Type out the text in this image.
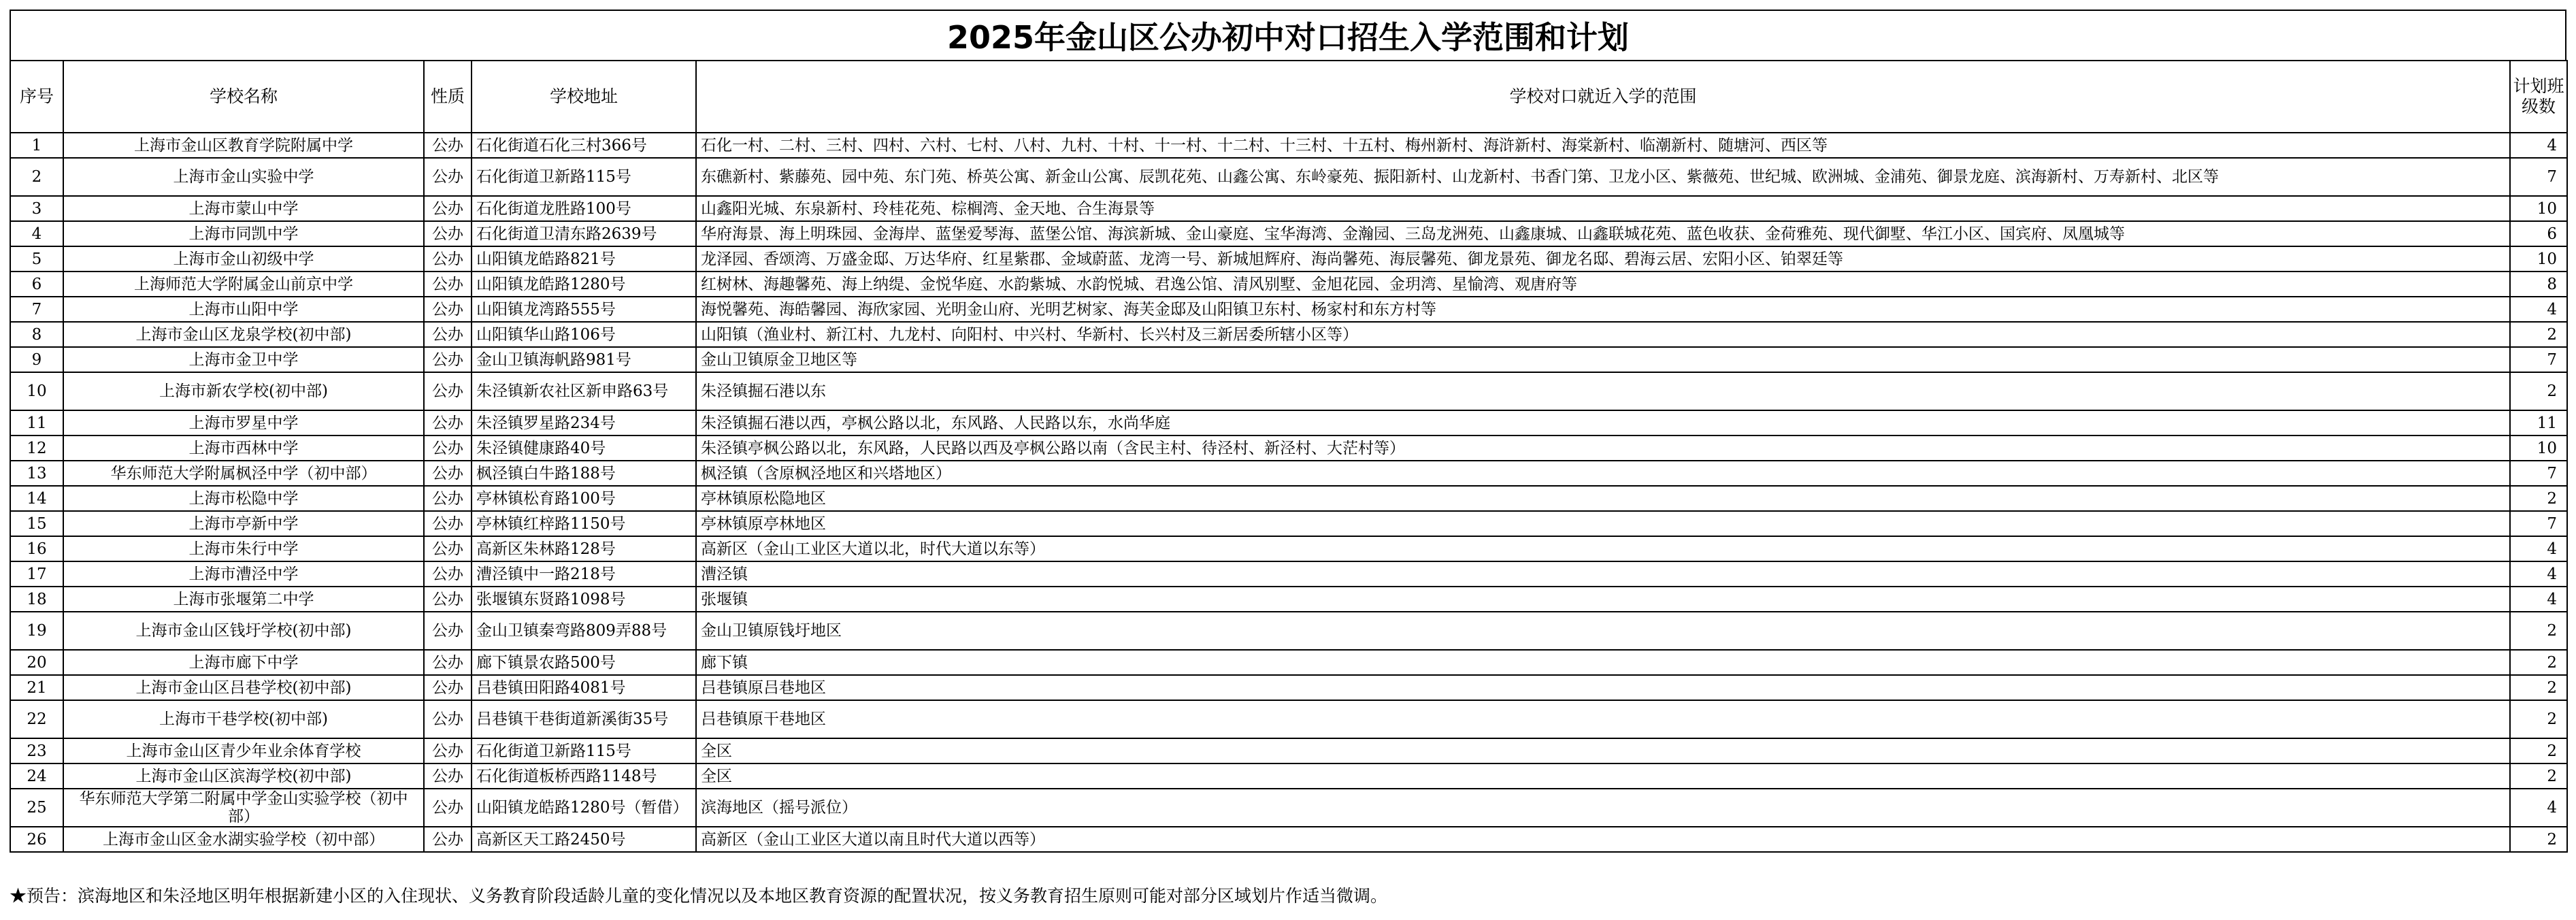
2025年金山区公办初中对口招生入学范围和计划
序号	学校名称	性质	学校地址	学校对口就近入学的范围	计划班级数
1	上海市金山区教育学院附属中学	公办	石化街道石化三村366号	石化一村、二村、三村、四村、六村、七村、八村、九村、十村、十一村、十二村、十三村、十五村、梅州新村、海浒新村、海棠新村、临潮新村、随塘河、西区等	4
2	上海市金山实验中学	公办	石化街道卫新路115号	东礁新村、紫藤苑、园中苑、东门苑、桥英公寓、新金山公寓、辰凯花苑、山鑫公寓、东岭豪苑、振阳新村、山龙新村、书香门第、卫龙小区、紫薇苑、世纪城、欧洲城、金浦苑、御景龙庭、滨海新村、万寿新村、北区等	7
3	上海市蒙山中学	公办	石化街道龙胜路100号	山鑫阳光城、东泉新村、玲桂花苑、棕榈湾、金天地、合生海景等	10
4	上海市同凯中学	公办	石化街道卫清东路2639号	华府海景、海上明珠园、金海岸、蓝堡爱琴海、蓝堡公馆、海滨新城、金山豪庭、宝华海湾、金瀚园、三岛龙洲苑、山鑫康城、山鑫联城花苑、蓝色收获、金荷雅苑、现代御墅、华江小区、国宾府、凤凰城等	6
5	上海市金山初级中学	公办	山阳镇龙皓路821号	龙泽园、香颂湾、万盛金邸、万达华府、红星紫郡、金域蔚蓝、龙湾一号、新城旭辉府、海尚馨苑、海辰馨苑、御龙景苑、御龙名邸、碧海云居、宏阳小区、铂翠廷等	10
6	上海师范大学附属金山前京中学	公办	山阳镇龙皓路1280号	红树林、海趣馨苑、海上纳缇、金悦华庭、水韵紫城、水韵悦城、君逸公馆、清风别墅、金旭花园、金玥湾、星愉湾、观唐府等	8
7	上海市山阳中学	公办	山阳镇龙湾路555号	海悦馨苑、海皓馨园、海欣家园、光明金山府、光明艺树家、海芙金邸及山阳镇卫东村、杨家村和东方村等	4
8	上海市金山区龙泉学校(初中部)	公办	山阳镇华山路106号	山阳镇（渔业村、新江村、九龙村、向阳村、中兴村、华新村、长兴村及三新居委所辖小区等）	2
9	上海市金卫中学	公办	金山卫镇海帆路981号	金山卫镇原金卫地区等	7
10	上海市新农学校(初中部)	公办	朱泾镇新农社区新申路63号	朱泾镇掘石港以东	2
11	上海市罗星中学	公办	朱泾镇罗星路234号	朱泾镇掘石港以西，亭枫公路以北，东风路、人民路以东，水尚华庭	11
12	上海市西林中学	公办	朱泾镇健康路40号	朱泾镇亭枫公路以北，东风路，人民路以西及亭枫公路以南（含民主村、待泾村、新泾村、大茫村等）	10
13	华东师范大学附属枫泾中学（初中部）	公办	枫泾镇白牛路188号	枫泾镇（含原枫泾地区和兴塔地区）	7
14	上海市松隐中学	公办	亭林镇松育路100号	亭林镇原松隐地区	2
15	上海市亭新中学	公办	亭林镇红梓路1150号	亭林镇原亭林地区	7
16	上海市朱行中学	公办	高新区朱林路128号	高新区（金山工业区大道以北，时代大道以东等）	4
17	上海市漕泾中学	公办	漕泾镇中一路218号	漕泾镇	4
18	上海市张堰第二中学	公办	张堰镇东贤路1098号	张堰镇	4
19	上海市金山区钱圩学校(初中部)	公办	金山卫镇秦弯路809弄88号	金山卫镇原钱圩地区	2
20	上海市廊下中学	公办	廊下镇景农路500号	廊下镇	2
21	上海市金山区吕巷学校(初中部)	公办	吕巷镇田阳路4081号	吕巷镇原吕巷地区	2
22	上海市干巷学校(初中部)	公办	吕巷镇干巷街道新溪街35号	吕巷镇原干巷地区	2
23	上海市金山区青少年业余体育学校	公办	石化街道卫新路115号	全区	2
24	上海市金山区滨海学校(初中部)	公办	石化街道板桥西路1148号	全区	2
25	华东师范大学第二附属中学金山实验学校（初中部）	公办	山阳镇龙皓路1280号（暂借）	滨海地区（摇号派位）	4
26	上海市金山区金水湖实验学校（初中部）	公办	高新区天工路2450号	高新区（金山工业区大道以南且时代大道以西等）	2
★预告：滨海地区和朱泾地区明年根据新建小区的入住现状、义务教育阶段适龄儿童的变化情况以及本地区教育资源的配置状况，按义务教育招生原则可能对部分区域划片作适当微调。
